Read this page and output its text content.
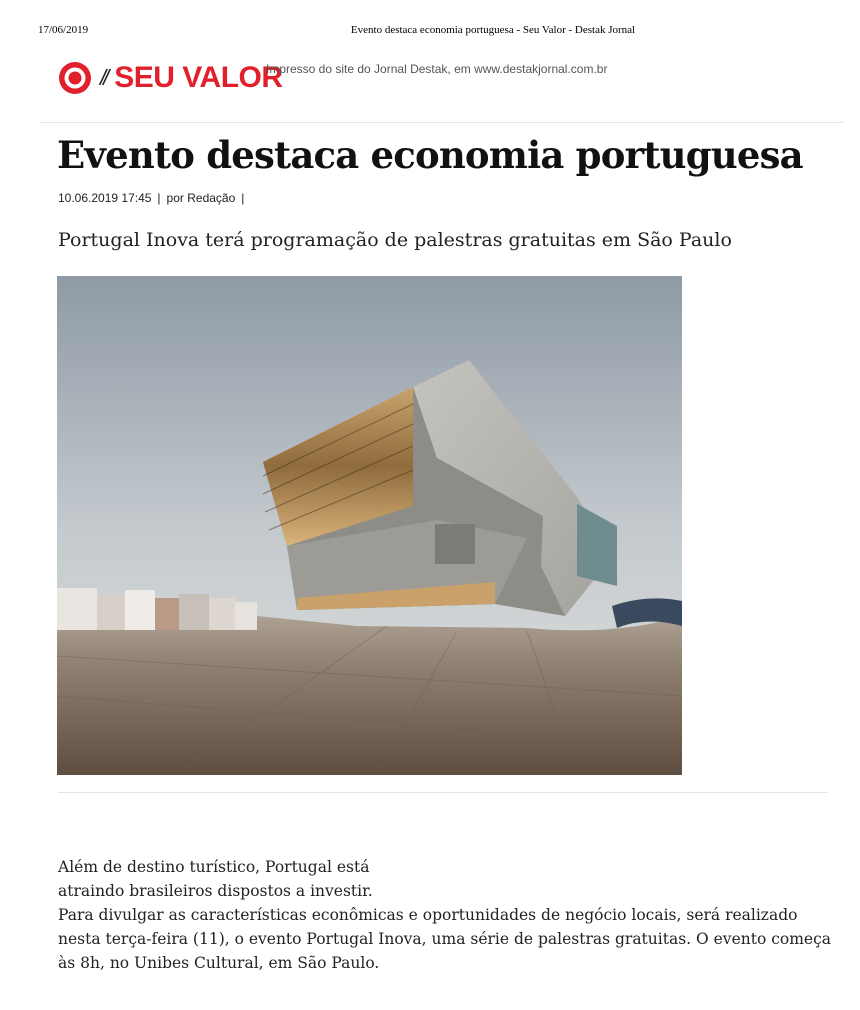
17/06/2019	Evento destaca economia portuguesa - Seu Valor - Destak Jornal
// SEU VALOR
Impresso do site do Jornal Destak, em www.destakjornal.com.br
Evento destaca economia portuguesa
10.06.2019 17:45 | por Redação |
Portugal Inova terá programação de palestras gratuitas em São Paulo

Além de destino turístico, Portugal está

atraindo brasileiros dispostos a investir.

Para divulgar as características econômicas e oportunidades de negócio locais, será realizado nesta terça-feira (11), o evento Portugal Inova, uma série de palestras gratuitas. O evento começa às 8h, no Unibes Cultural, em São Paulo.
